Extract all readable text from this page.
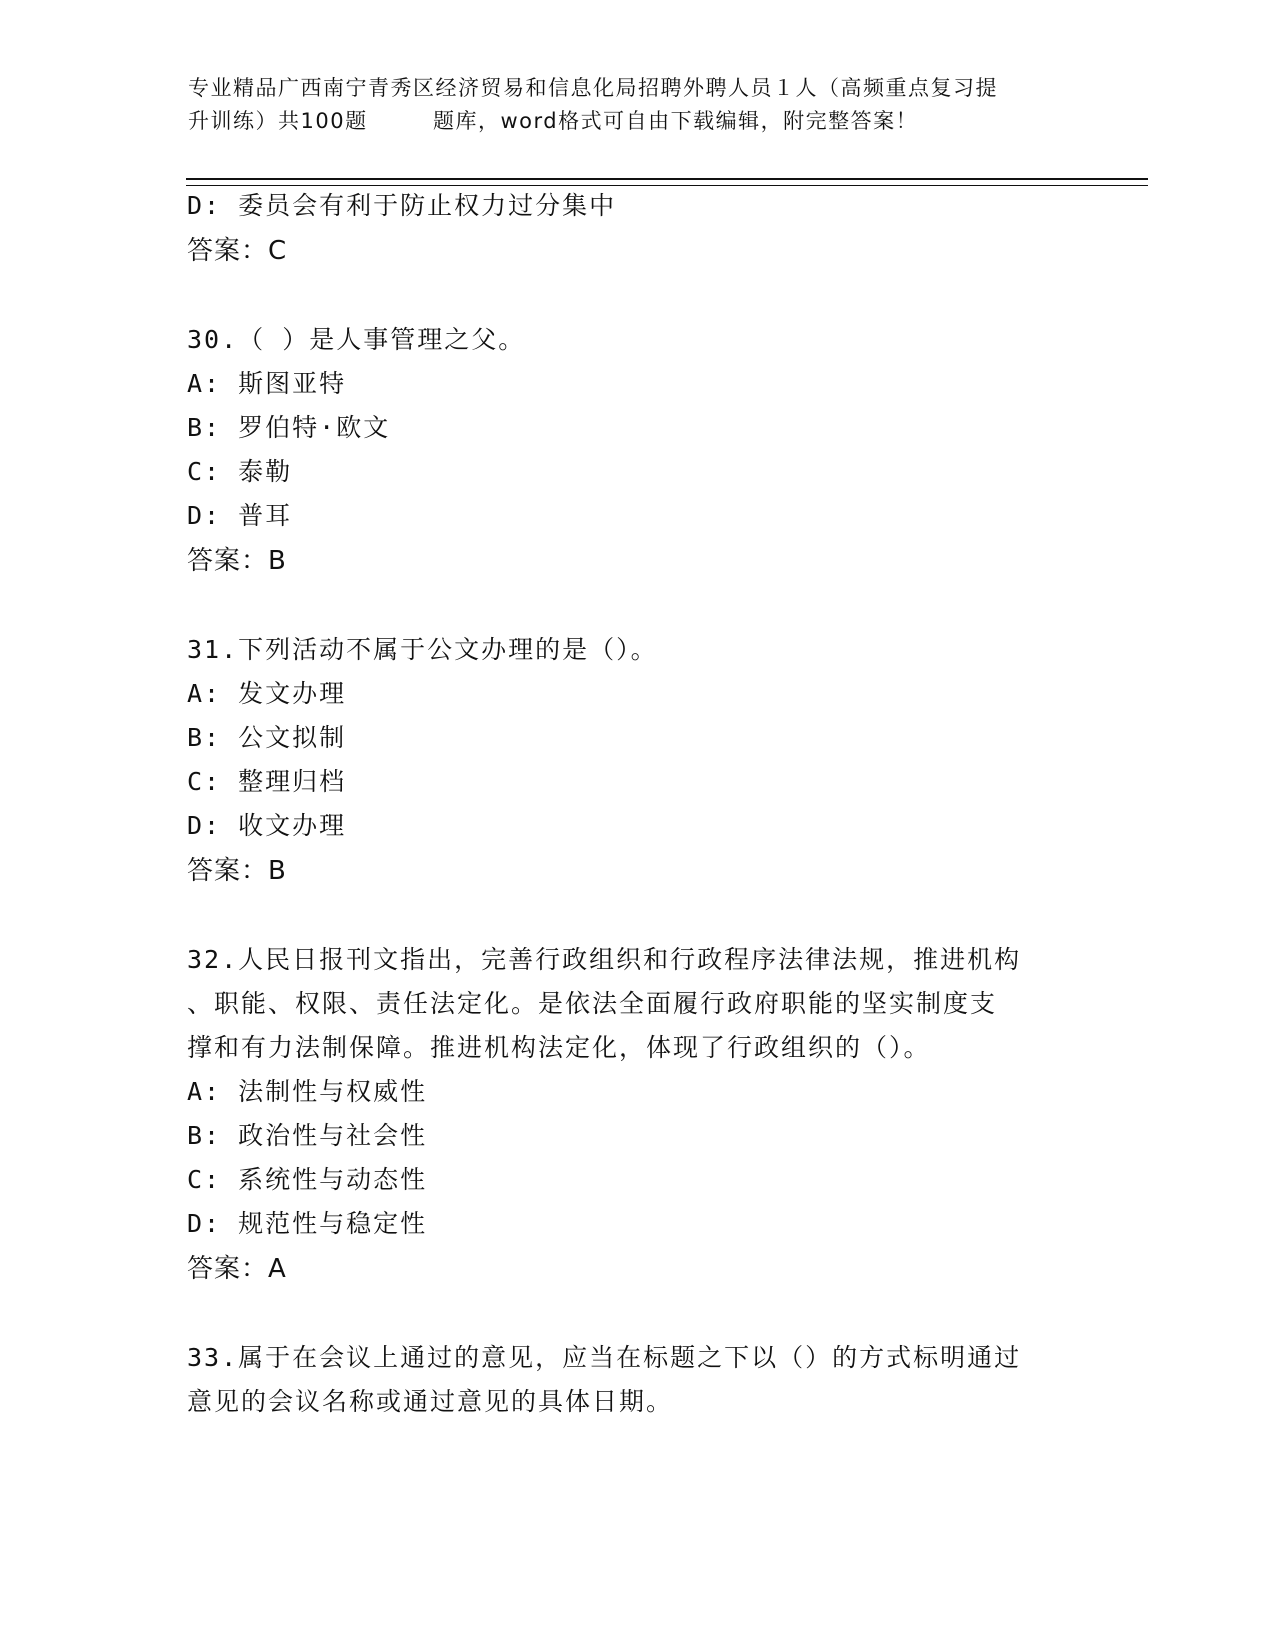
专业精品广西南宁青秀区经济贸易和信息化局招聘外聘人员１人（高频重点复习提
升训练）共100题        题库，word格式可自由下载编辑，附完整答案！
D: 委员会有利于防止权力过分集中
答案：C
30.（ ）是人事管理之父。
A: 斯图亚特
B: 罗伯特·欧文
C: 泰勒
D: 普耳
答案：B
31.下列活动不属于公文办理的是（）。
A: 发文办理
B: 公文拟制
C: 整理归档
D: 收文办理
答案：B
32.人民日报刊文指出，完善行政组织和行政程序法律法规，推进机构
、职能、权限、责任法定化。是依法全面履行政府职能的坚实制度支
撑和有力法制保障。推进机构法定化，体现了行政组织的（）。
A: 法制性与权威性
B: 政治性与社会性
C: 系统性与动态性
D: 规范性与稳定性
答案：A
33.属于在会议上通过的意见，应当在标题之下以（）的方式标明通过
意见的会议名称或通过意见的具体日期。
